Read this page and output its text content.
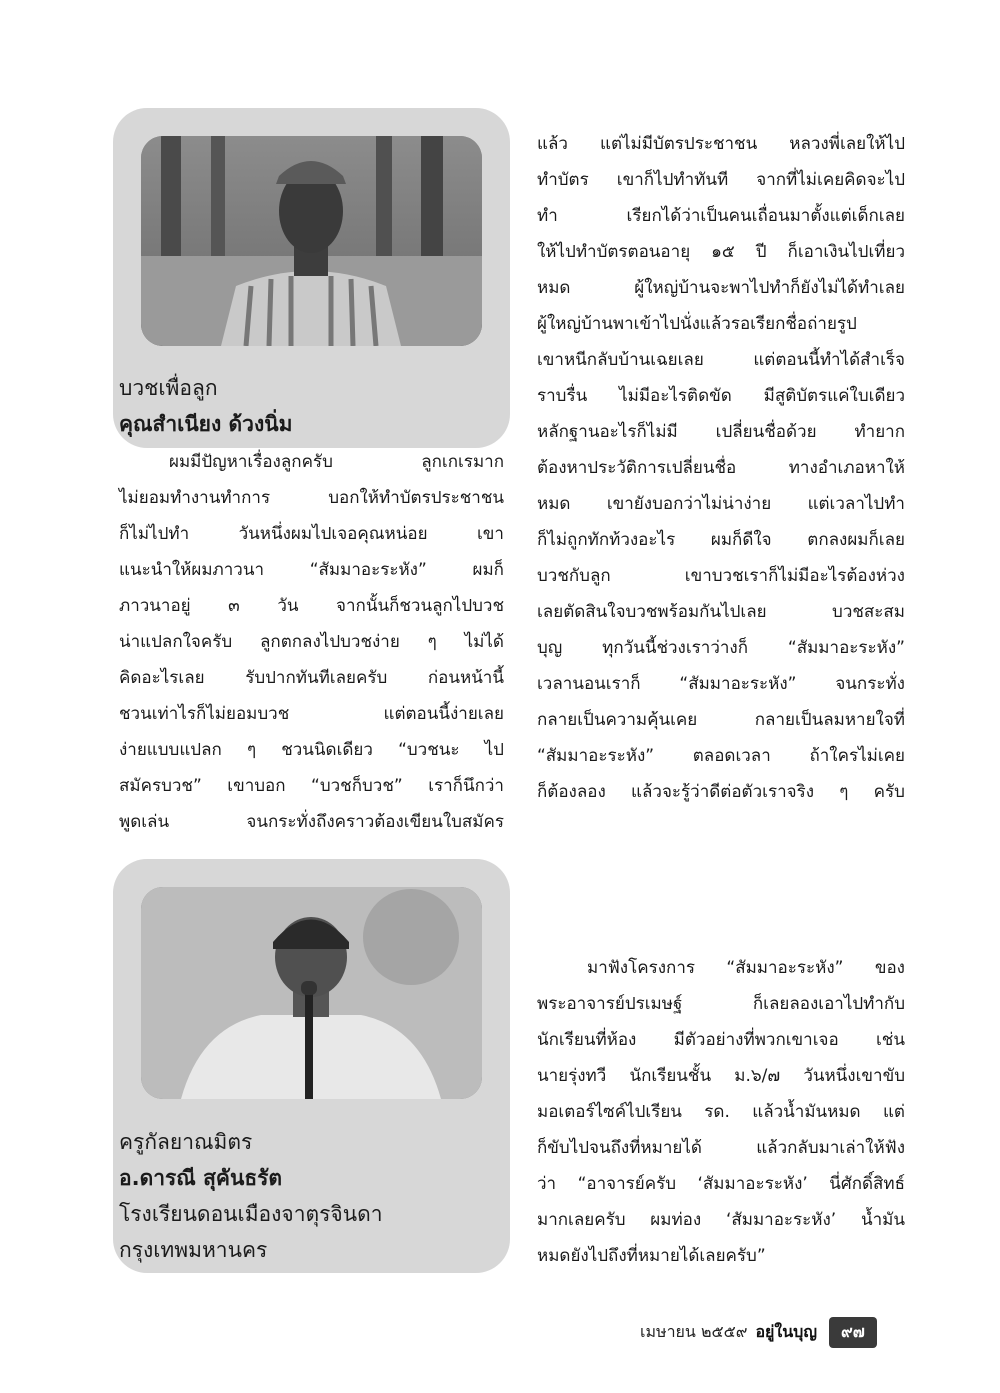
บวชเพื่อลูก
คุณสำเนียง ด้วงนิ่ม
ผมมีปัญหาเรื่องลูกครับ	ลูกเกเรมาก
ไม่ยอมทำงานทำการ	บอกให้ทำบัตรประชาชน
ก็ไม่ไปทำ	วันหนึ่งผมไปเจอคุณหน่อย	เขา
แนะนำให้ผมภาวนา	“สัมมาอะระหัง”	ผมก็
ภาวนาอยู่ ๓ วัน จากนั้นก็ชวนลูกไปบวช
น่าแปลกใจครับ ลูกตกลงไปบวชง่าย ๆ ไม่ได้
คิดอะไรเลย รับปากทันทีเลยครับ ก่อนหน้านี้
ชวนเท่าไรก็ไม่ยอมบวช	แต่ตอนนี้ง่ายเลย
ง่ายแบบแปลก ๆ ชวนนิดเดียว “บวชนะ ไป
สมัครบวช” เขาบอก “บวชก็บวช” เราก็นึกว่า
พูดเล่น	จนกระทั่งถึงคราวต้องเขียนใบสมัคร
แล้ว แต่ไม่มีบัตรประชาชน หลวงพี่เลยให้ไป
ทำบัตร เขาก็ไปทำทันที จากที่ไม่เคยคิดจะไป
ทำ	เรียกได้ว่าเป็นคนเถื่อนมาตั้งแต่เด็กเลย
ให้ไปทำบัตรตอนอายุ ๑๕ ปี ก็เอาเงินไปเที่ยว
หมด	ผู้ใหญ่บ้านจะพาไปทำก็ยังไม่ได้ทำเลย
ผู้ใหญ่บ้านพาเข้าไปนั่งแล้วรอเรียกชื่อถ่ายรูป
เขาหนีกลับบ้านเฉยเลย	แต่ตอนนี้ทำได้สำเร็จ
ราบรื่น ไม่มีอะไรติดขัด มีสูติบัตรแค่ใบเดียว
หลักฐานอะไรก็ไม่มี เปลี่ยนชื่อด้วย ทำยาก
ต้องหาประวัติการเปลี่ยนชื่อ	ทางอำเภอหาให้
หมด เขายังบอกว่าไม่น่าง่าย แต่เวลาไปทำ
ก็ไม่ถูกทักท้วงอะไร ผมก็ดีใจ ตกลงผมก็เลย
บวชกับลูก	เขาบวชเราก็ไม่มีอะไรต้องห่วง
เลยตัดสินใจบวชพร้อมกันไปเลย	บวชสะสม
บุญ ทุกวันนี้ช่วงเราว่างก็ “สัมมาอะระหัง”
เวลานอนเราก็ “สัมมาอะระหัง” จนกระทั่ง
กลายเป็นความคุ้นเคย	กลายเป็นลมหายใจที่
“สัมมาอะระหัง” ตลอดเวลา ถ้าใครไม่เคย
ก็ต้องลอง แล้วจะรู้ว่าดีต่อตัวเราจริง ๆ ครับ
ครูกัลยาณมิตร
อ.ดารณี สุคันธรัต
โรงเรียนดอนเมืองจาตุรจินดา
กรุงเทพมหานคร
มาฟังโครงการ “สัมมาอะระหัง” ของ
พระอาจารย์ปรเมษฐ์	ก็เลยลองเอาไปทำกับ
นักเรียนที่ห้อง มีตัวอย่างที่พวกเขาเจอ เช่น
นายรุ่งทวี นักเรียนชั้น ม.๖/๗ วันหนึ่งเขาขับ
มอเตอร์ไซค์ไปเรียน รด. แล้วน้ำมันหมด แต่
ก็ขับไปจนถึงที่หมายได้	แล้วกลับมาเล่าให้ฟัง
ว่า “อาจารย์ครับ ‘สัมมาอะระหัง’ นี่ศักดิ์สิทธ์
มากเลยครับ ผมท่อง ‘สัมมาอะระหัง’ น้ำมัน
หมดยังไปถึงที่หมายได้เลยครับ”
เมษายน ๒๕๕๙ อยู่ในบุญ	๙๗
